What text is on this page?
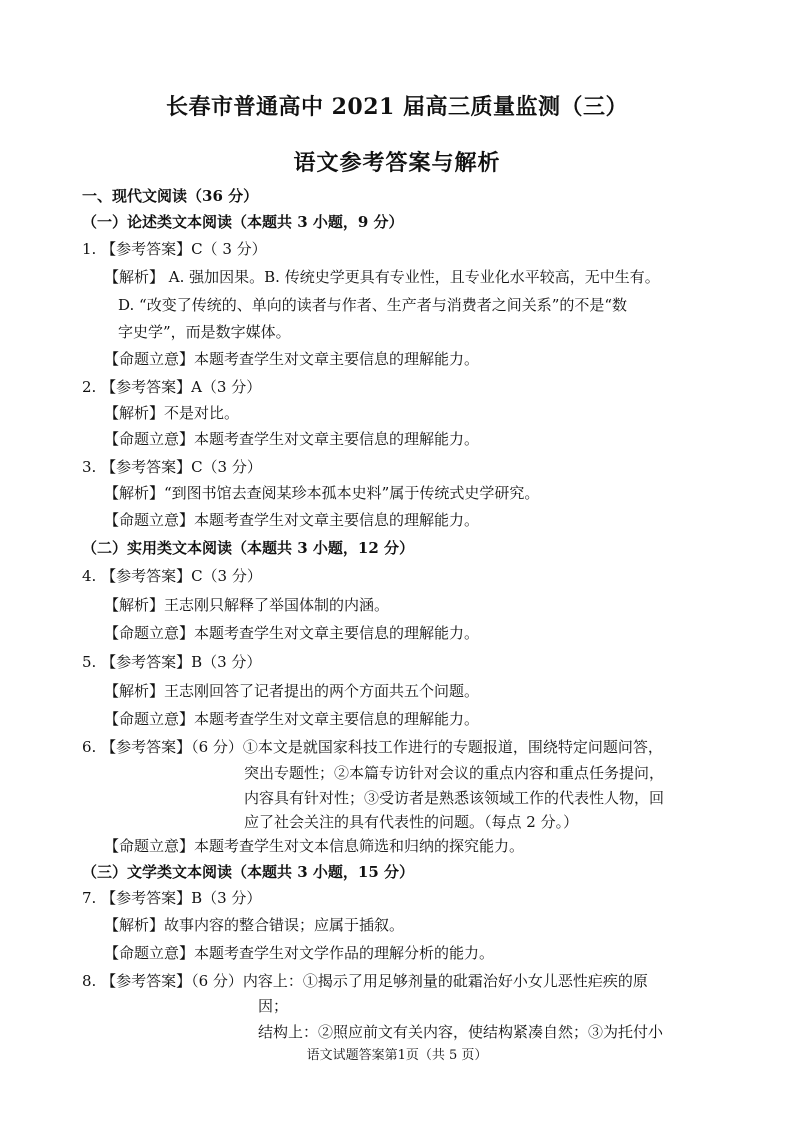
长春市普通高中 2021 届高三质量监测（三）
语文参考答案与解析
一、现代文阅读（36 分）
（一）论述类文本阅读（本题共 3 小题，9 分）
1. 【参考答案】C（ 3 分）
【解析】 A. 强加因果。B. 传统史学更具有专业性，且专业化水平较高，无中生有。
D. “改变了传统的、单向的读者与作者、生产者与消费者之间关系”的不是“数
字史学”，而是数字媒体。
【命题立意】本题考查学生对文章主要信息的理解能力。
2. 【参考答案】A（3 分）
【解析】不是对比。
【命题立意】本题考查学生对文章主要信息的理解能力。
3. 【参考答案】C（3 分）
【解析】“到图书馆去查阅某珍本孤本史料”属于传统式史学研究。
【命题立意】本题考查学生对文章主要信息的理解能力。
（二）实用类文本阅读（本题共 3 小题，12 分）
4. 【参考答案】C（3 分）
【解析】王志刚只解释了举国体制的内涵。
【命题立意】本题考查学生对文章主要信息的理解能力。
5. 【参考答案】B（3 分）
【解析】王志刚回答了记者提出的两个方面共五个问题。
【命题立意】本题考查学生对文章主要信息的理解能力。
6. 【参考答案】（6 分）①本文是就国家科技工作进行的专题报道，围绕特定问题问答，
突出专题性；②本篇专访针对会议的重点内容和重点任务提问，
内容具有针对性；③受访者是熟悉该领域工作的代表性人物，回
应了社会关注的具有代表性的问题。（每点 2 分。）
【命题立意】本题考查学生对文本信息筛选和归纳的探究能力。
（三）文学类文本阅读（本题共 3 小题，15 分）
7. 【参考答案】B（3 分）
【解析】故事内容的整合错误；应属于插叙。
【命题立意】本题考查学生对文学作品的理解分析的能力。
8. 【参考答案】（6 分）内容上：①揭示了用足够剂量的砒霜治好小女儿恶性疟疾的原
因；
结构上：②照应前文有关内容，使结构紧凑自然；③为托付小
语文试题答案第1页（共 5 页）
